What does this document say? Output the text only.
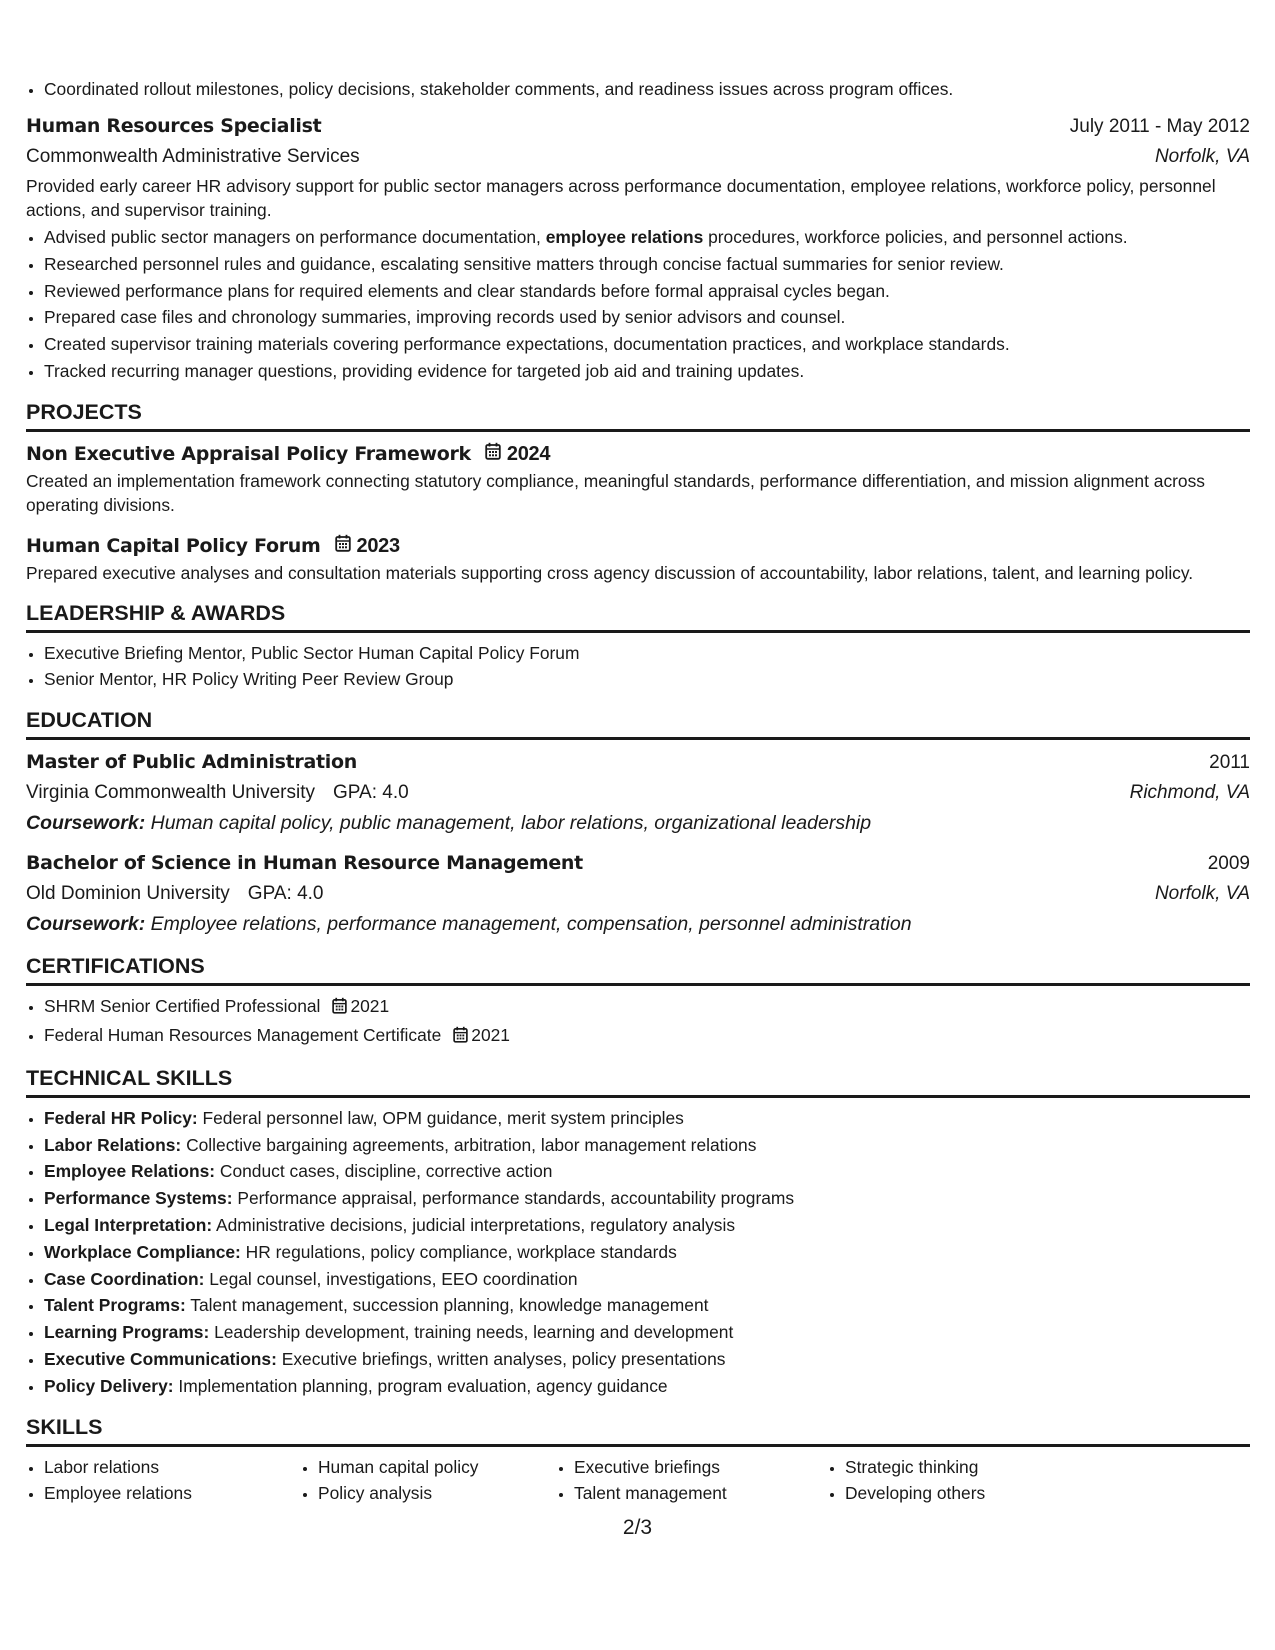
• Coordinated rollout milestones, policy decisions, stakeholder comments, and readiness issues across program offices.
Human Resources Specialist	July 2011 - May 2012
Commonwealth Administrative Services	Norfolk, VA
Provided early career HR advisory support for public sector managers across performance documentation, employee relations, workforce policy, personnel actions, and supervisor training.
• Advised public sector managers on performance documentation, employee relations procedures, workforce policies, and personnel actions.
• Researched personnel rules and guidance, escalating sensitive matters through concise factual summaries for senior review.
• Reviewed performance plans for required elements and clear standards before formal appraisal cycles began.
• Prepared case files and chronology summaries, improving records used by senior advisors and counsel.
• Created supervisor training materials covering performance expectations, documentation practices, and workplace standards.
• Tracked recurring manager questions, providing evidence for targeted job aid and training updates.
PROJECTS
Non Executive Appraisal Policy Framework 2024
Created an implementation framework connecting statutory compliance, meaningful standards, performance differentiation, and mission alignment across operating divisions.
Human Capital Policy Forum 2023
Prepared executive analyses and consultation materials supporting cross agency discussion of accountability, labor relations, talent, and learning policy.
LEADERSHIP & AWARDS
• Executive Briefing Mentor, Public Sector Human Capital Policy Forum
• Senior Mentor, HR Policy Writing Peer Review Group
EDUCATION
Master of Public Administration	2011
Virginia Commonwealth University GPA: 4.0	Richmond, VA
Coursework: Human capital policy, public management, labor relations, organizational leadership
Bachelor of Science in Human Resource Management	2009
Old Dominion University GPA: 4.0	Norfolk, VA
Coursework: Employee relations, performance management, compensation, personnel administration
CERTIFICATIONS
• SHRM Senior Certified Professional 2021
• Federal Human Resources Management Certificate 2021
TECHNICAL SKILLS
• Federal HR Policy: Federal personnel law, OPM guidance, merit system principles
• Labor Relations: Collective bargaining agreements, arbitration, labor management relations
• Employee Relations: Conduct cases, discipline, corrective action
• Performance Systems: Performance appraisal, performance standards, accountability programs
• Legal Interpretation: Administrative decisions, judicial interpretations, regulatory analysis
• Workplace Compliance: HR regulations, policy compliance, workplace standards
• Case Coordination: Legal counsel, investigations, EEO coordination
• Talent Programs: Talent management, succession planning, knowledge management
• Learning Programs: Leadership development, training needs, learning and development
• Executive Communications: Executive briefings, written analyses, policy presentations
• Policy Delivery: Implementation planning, program evaluation, agency guidance
SKILLS
• Labor relations
• Employee relations
• Human capital policy
• Policy analysis
• Executive briefings
• Talent management
• Strategic thinking
• Developing others
2/3
